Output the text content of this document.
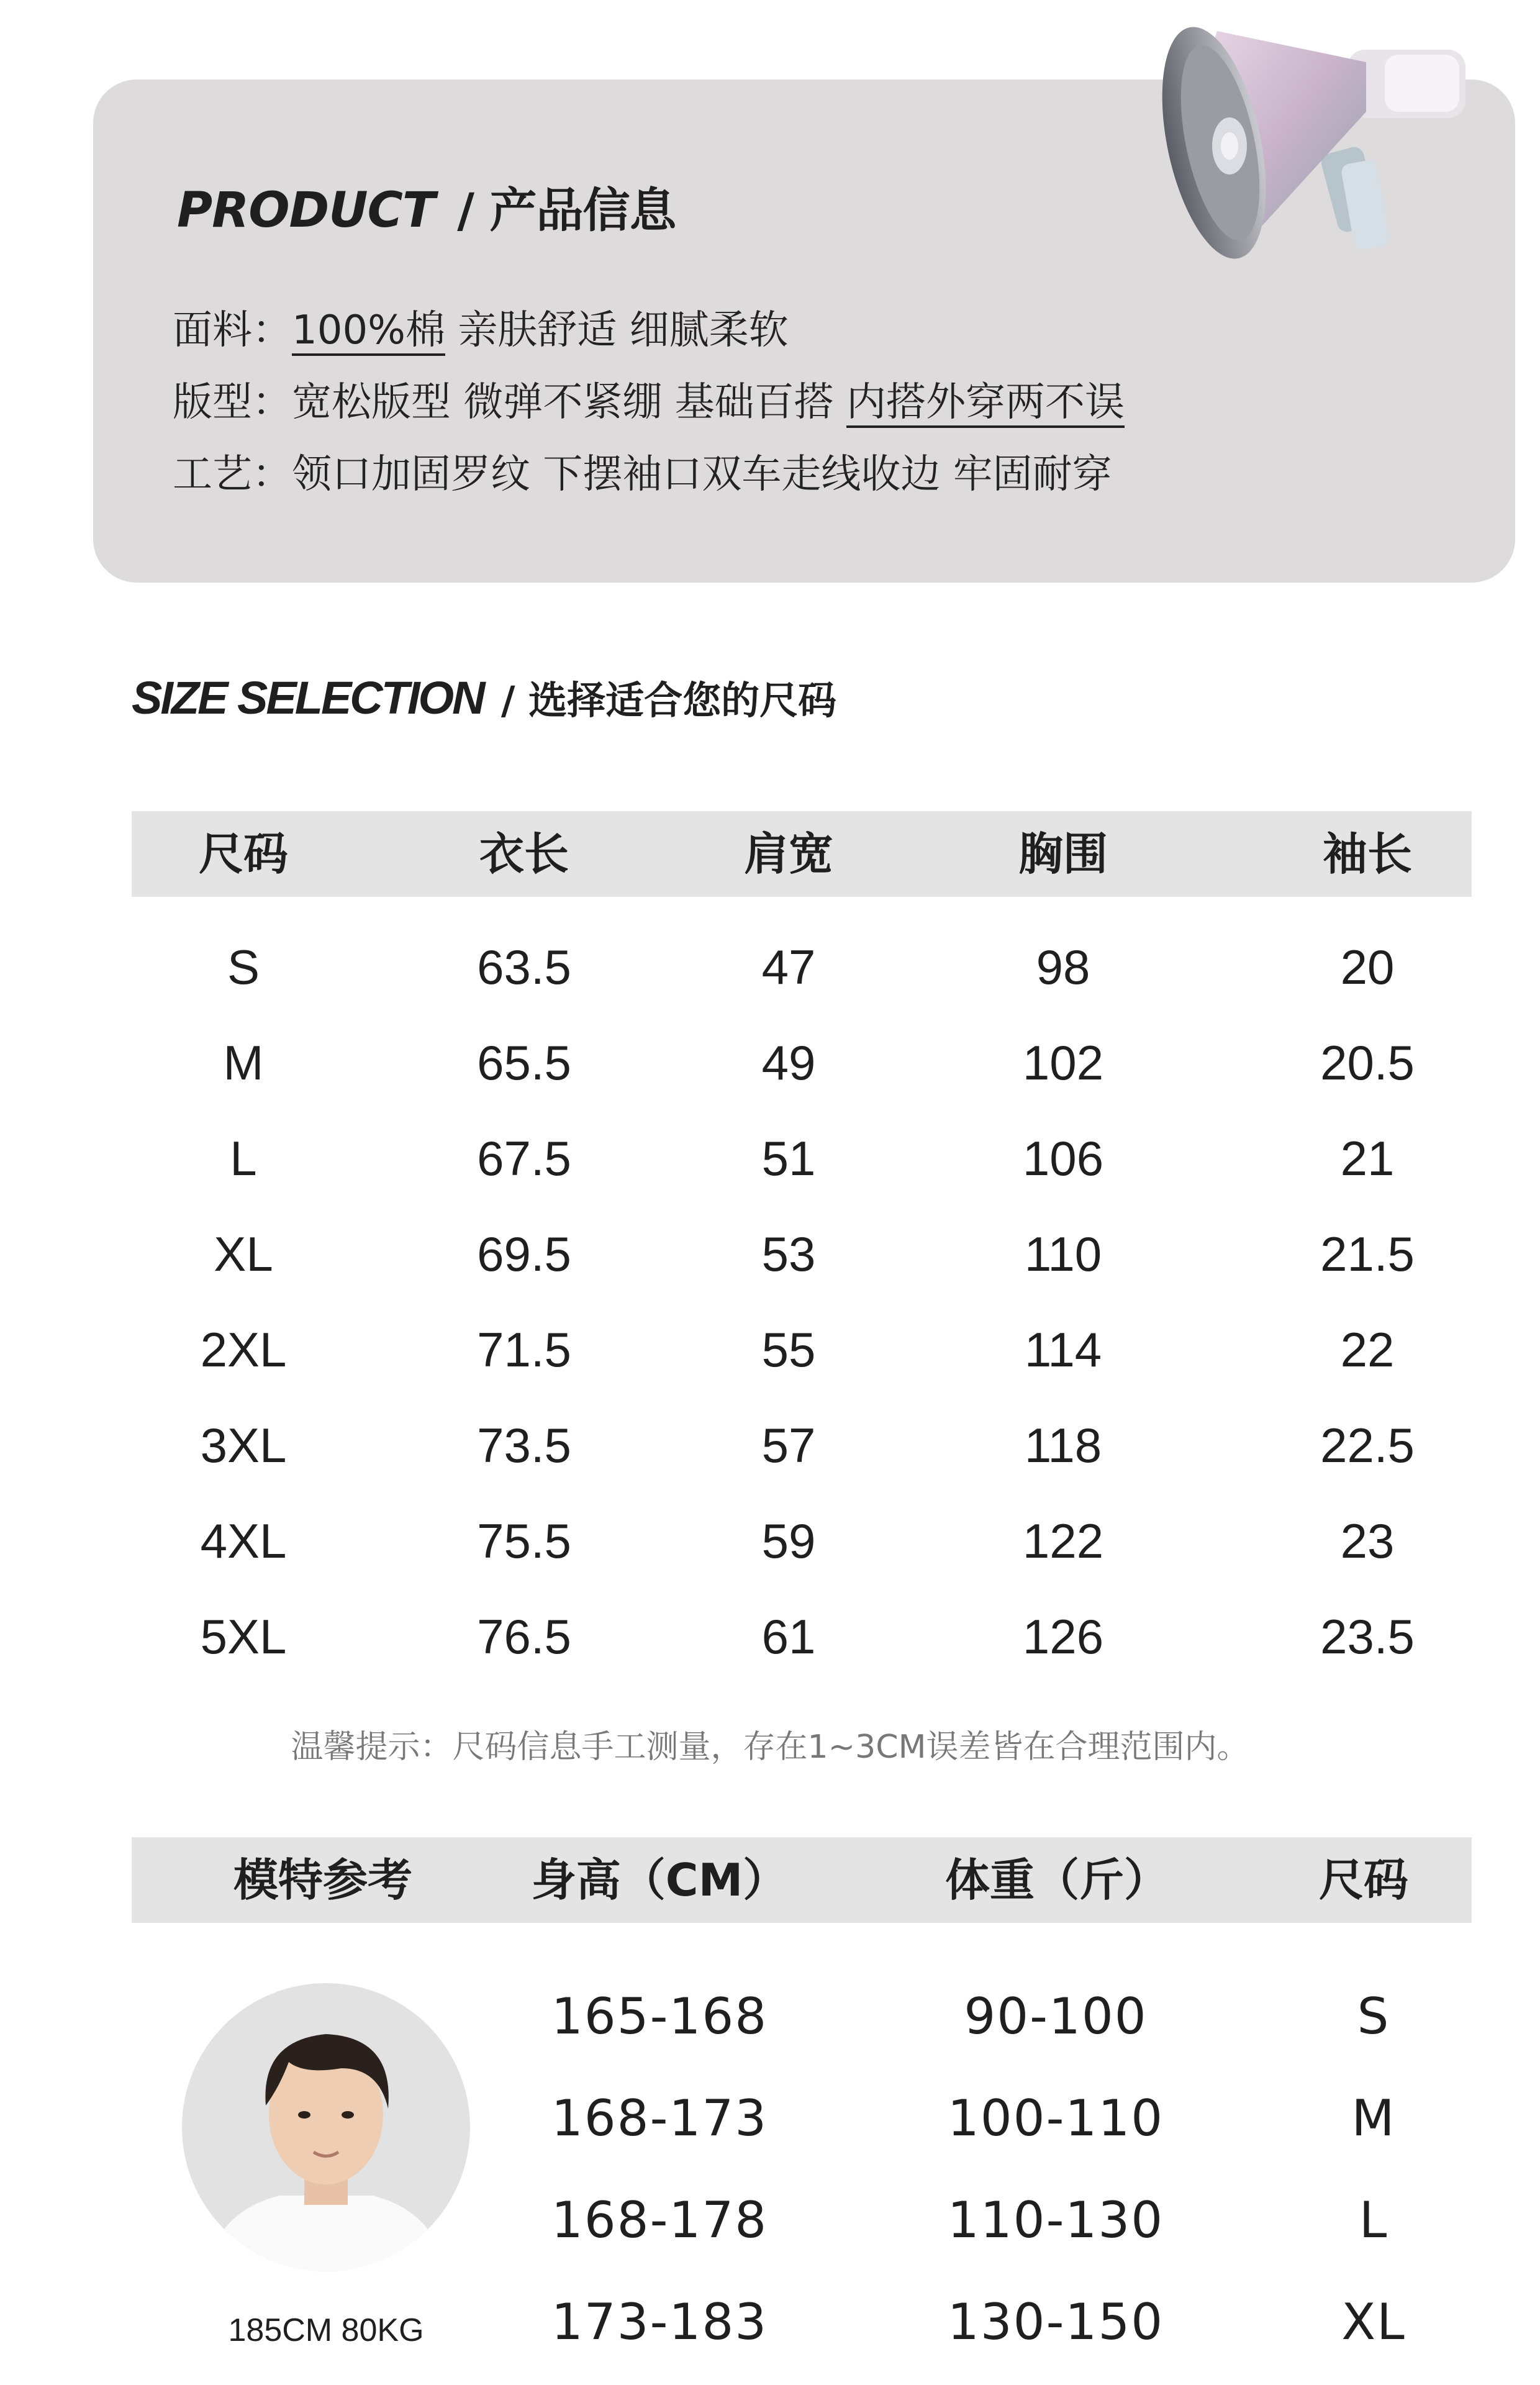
PRODUCT / 产品信息
面料：100%棉 亲肤舒适 细腻柔软
版型：宽松版型 微弹不紧绷 基础百搭 内搭外穿两不误
工艺：领口加固罗纹 下摆袖口双车走线收边 牢固耐穿
SIZE SELECTION / 选择适合您的尺码
尺码	衣长	肩宽	胸围	袖长
S	63.5	47	98	20
M	65.5	49	102	20.5
L	67.5	51	106	21
XL	69.5	53	110	21.5
2XL	71.5	55	114	22
3XL	73.5	57	118	22.5
4XL	75.5	59	122	23
5XL	76.5	61	126	23.5
温馨提示：尺码信息手工测量，存在1~3CM误差皆在合理范围内。
模特参考	身高（CM）	体重（斤）	尺码
185CM 80KG
165-168	90-100	S
168-173	100-110	M
168-178	110-130	L
173-183	130-150	XL
